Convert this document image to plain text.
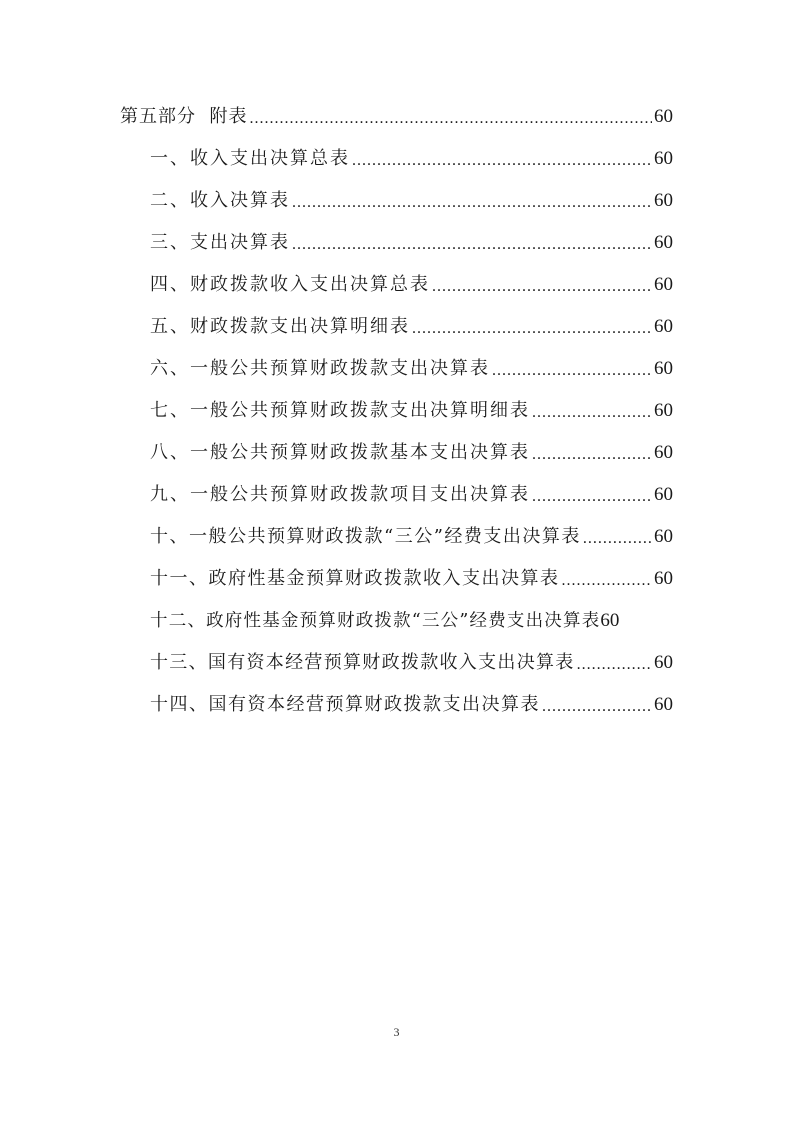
第五部分  附表 .....	60
一、收入支出决算总表 .....	60
二、收入决算表 .....	60
三、支出决算表 .....	60
四、财政拨款收入支出决算总表 .....	60
五、财政拨款支出决算明细表 .....	60
六、一般公共预算财政拨款支出决算表 .....	60
七、一般公共预算财政拨款支出决算明细表 .....	60
八、一般公共预算财政拨款基本支出决算表 .....	60
九、一般公共预算财政拨款项目支出决算表 .....	60
十、一般公共预算财政拨款“三公”经费支出决算表 .....	60
十一、政府性基金预算财政拨款收入支出决算表 .....	60
十二、政府性基金预算财政拨款“三公”经费支出决算表 60
十三、国有资本经营预算财政拨款收入支出决算表 .....	60
十四、国有资本经营预算财政拨款支出决算表 .....	60
3
